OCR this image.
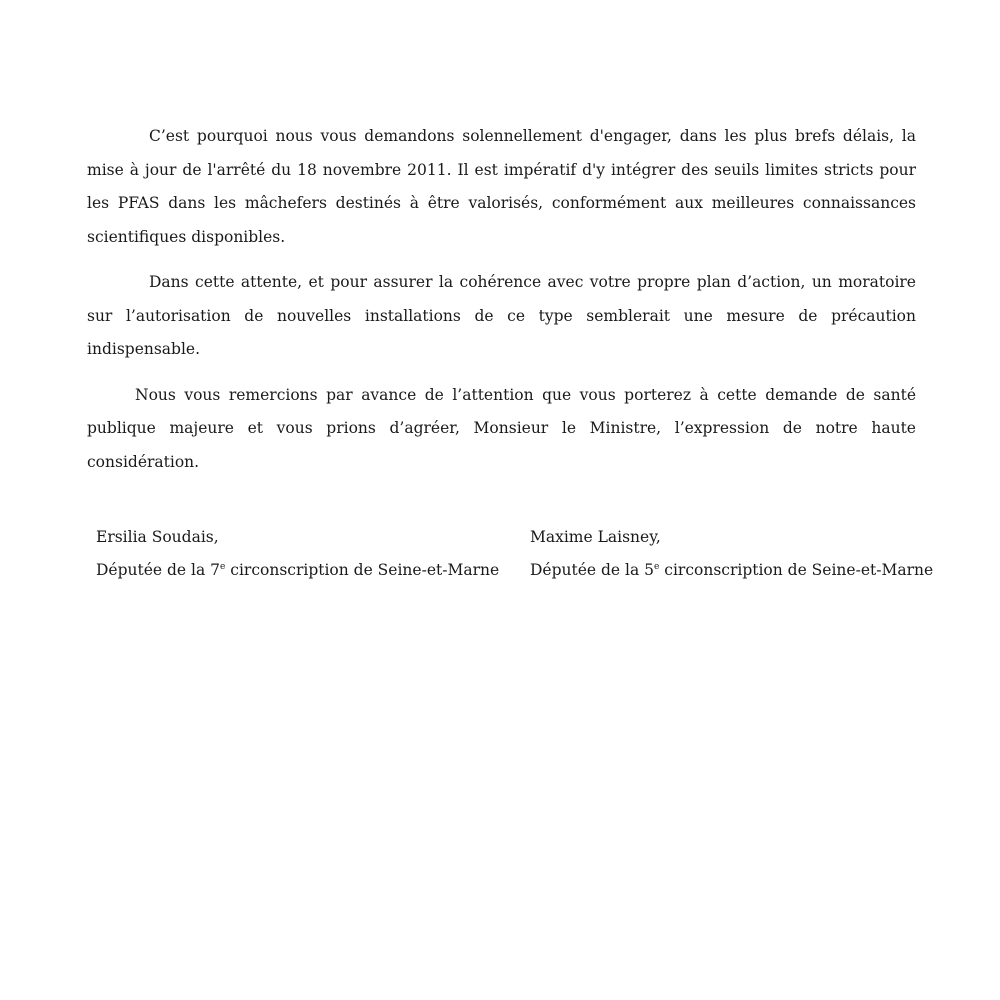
C’est pourquoi nous vous demandons solennellement d'engager, dans les plus brefs délais, la mise à jour de l'arrêté du 18 novembre 2011. Il est impératif d'y intégrer des seuils limites stricts pour les PFAS dans les mâchefers destinés à être valorisés, conformément aux meilleures connaissances scientifiques disponibles.

Dans cette attente, et pour assurer la cohérence avec votre propre plan d’action, un moratoire sur l’autorisation de nouvelles installations de ce type semblerait une mesure de précaution indispensable.

Nous vous remercions par avance de l’attention que vous porterez à cette demande de santé publique majeure et vous prions d’agréer, Monsieur le Ministre, l’expression de notre haute considération.

Ersilia Soudais,
Députée de la 7e circonscription de Seine-et-Marne
Maxime Laisney,
Députée de la 5e circonscription de Seine-et-Marne
